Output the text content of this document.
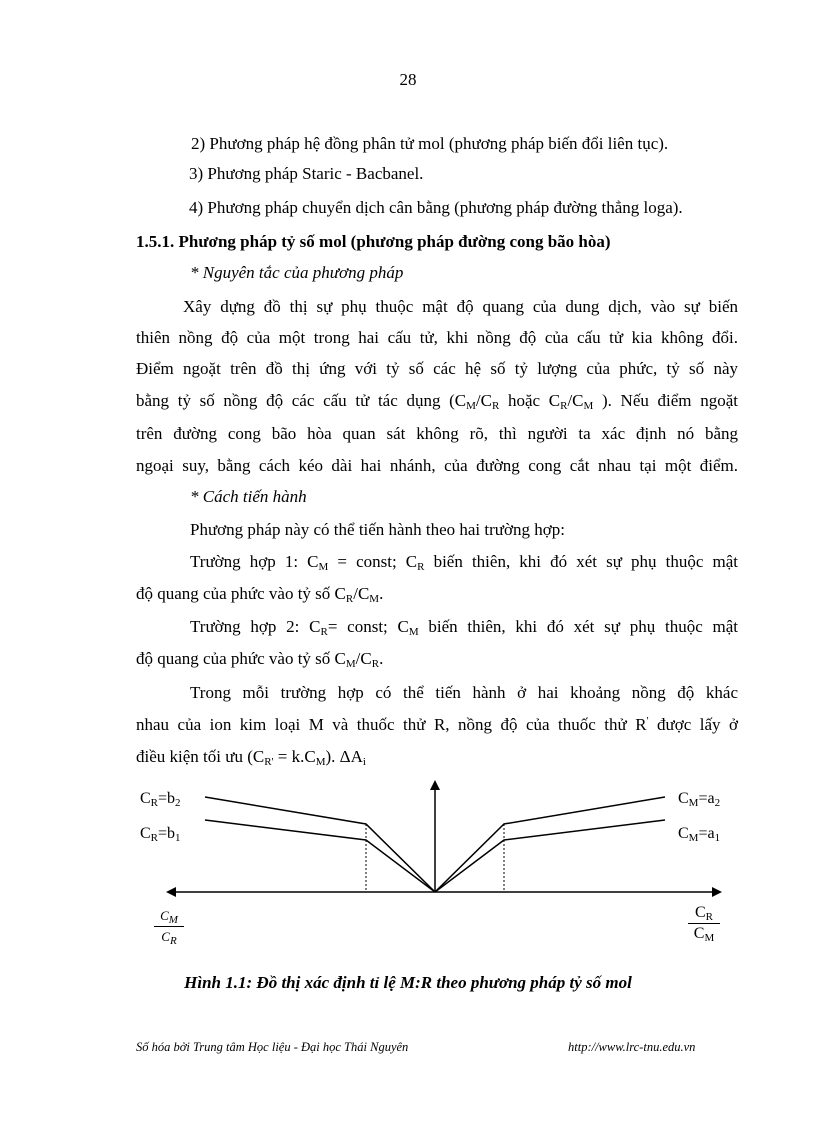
28
2) Phương pháp hệ đồng phân tử mol (phương pháp biến đổi liên tục).
3) Phương pháp Staric - Bacbanel.
4) Phương pháp chuyển dịch cân bằng (phương pháp đường thẳng loga).
1.5.1. Phương pháp tỷ số mol (phương pháp đường cong bão hòa)
* Nguyên tắc của phương pháp
Xây dựng đồ thị sự phụ thuộc mật độ quang của dung dịch, vào sự biến
thiên nồng độ của một trong hai cấu tử, khi nồng độ của cấu tử kia không đổi.
Điểm ngoặt trên đồ thị ứng với tỷ số các hệ số tỷ lượng của phức, tỷ số này
bằng tỷ số nồng độ các cấu tử tác dụng ($C_M/C_R$ hoặc $C_R/C_M$ ). Nếu điểm ngoặt
trên đường cong bão hòa quan sát không rõ, thì người ta xác định nó bằng
ngoại suy, bằng cách kéo dài hai nhánh, của đường cong cắt nhau tại một điểm.
* Cách tiến hành
Phương pháp này có thể tiến hành theo hai trường hợp:
Trường hợp 1: $C_M$ = const; $C_R$ biến thiên, khi đó xét sự phụ thuộc mật
độ quang của phức vào tỷ số $C_R/C_M$.
Trường hợp 2: $C_R=$ const; $C_M$ biến thiên, khi đó xét sự phụ thuộc mật
độ quang của phức vào tỷ số $C_M/C_R$.
Trong mỗi trường hợp có thể tiến hành ở hai khoảng nồng độ khác
nhau của ion kim loại M và thuốc thử R, nồng độ của thuốc thử R' được lấy ở
điều kiện tối ưu $(C_{R'} = k.C_M)$. $\Delta A_i$
$C_R=b_2$
$C_R=b_1$
$C_M=a_2$
$C_M=a_1$
$C_M$
$C_R$
$C_R$
$C_M$
Hình 1.1: Đồ thị xác định tỉ lệ M:R theo phương pháp tỷ số mol
Số hóa bởi Trung tâm Học liệu - Đại học Thái Nguyên	http://www.lrc-tnu.edu.vn
